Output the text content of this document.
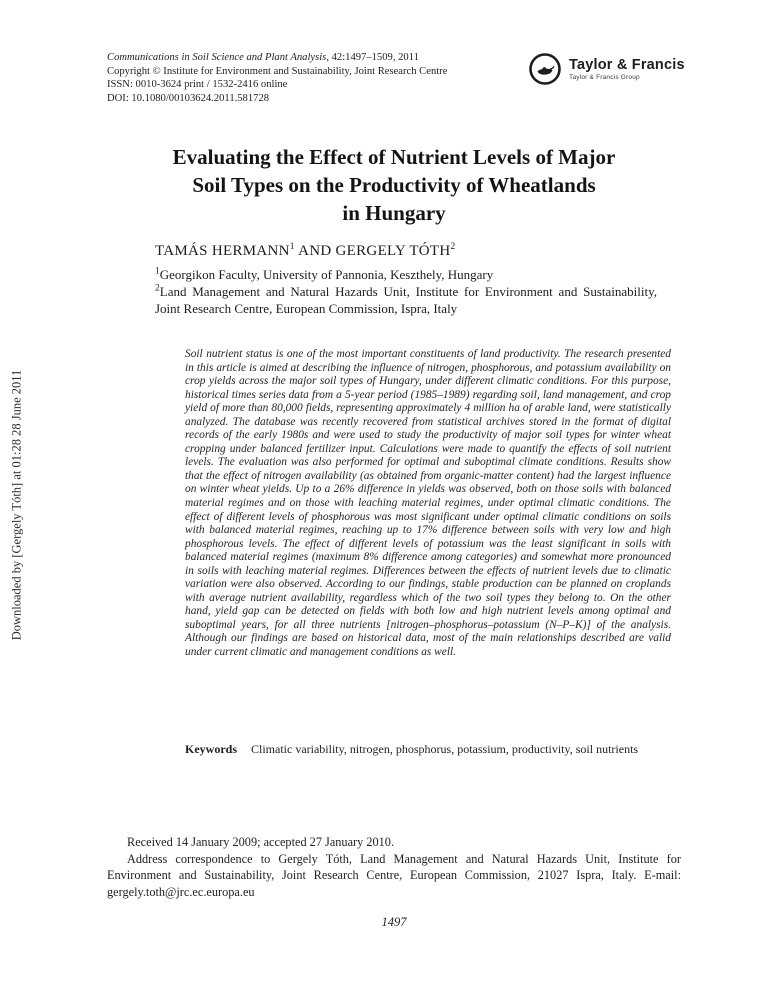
Downloaded by [Gergely Tóth] at 01:28 28 June 2011
Communications in Soil Science and Plant Analysis, 42:1497–1509, 2011
Copyright © Institute for Environment and Sustainability, Joint Research Centre
ISSN: 0010-3624 print / 1532-2416 online
DOI: 10.1080/00103624.2011.581728
Taylor & Francis
Taylor & Francis Group
Evaluating the Effect of Nutrient Levels of Major
Soil Types on the Productivity of Wheatlands
in Hungary
TAMÁS HERMANN$^1$ AND GERGELY TÓTH$^2$
$^1$Georgikon Faculty, University of Pannonia, Keszthely, Hungary
$^2$Land Management and Natural Hazards Unit, Institute for Environment and Sustainability, Joint Research Centre, European Commission, Ispra, Italy
Soil nutrient status is one of the most important constituents of land productivity. The research presented in this article is aimed at describing the influence of nitrogen, phosphorous, and potassium availability on crop yields across the major soil types of Hungary, under different climatic conditions. For this purpose, historical times series data from a 5-year period (1985–1989) regarding soil, land management, and crop yield of more than 80,000 fields, representing approximately 4 million ha of arable land, were statistically analyzed. The database was recently recovered from statistical archives stored in the format of digital records of the early 1980s and were used to study the productivity of major soil types for winter wheat cropping under balanced fertilizer input. Calculations were made to quantify the effects of soil nutrient levels. The evaluation was also performed for optimal and suboptimal climate conditions. Results show that the effect of nitrogen availability (as obtained from organic-matter content) had the largest influence on winter wheat yields. Up to a 26% difference in yields was observed, both on those soils with balanced material regimes and on those with leaching material regimes, under optimal climatic conditions. The effect of different levels of phosphorous was most significant under optimal climatic conditions on soils with balanced material regimes, reaching up to 17% difference between soils with very low and high phosphorous levels. The effect of different levels of potassium was the least significant in soils with balanced material regimes (maximum 8% difference among categories) and somewhat more pronounced in soils with leaching material regimes. Differences between the effects of nutrient levels due to climatic variation were also observed. According to our findings, stable production can be planned on croplands with average nutrient availability, regardless which of the two soil types they belong to. On the other hand, yield gap can be detected on fields with both low and high nutrient levels among optimal and suboptimal years, for all three nutrients [nitrogen–phosphorus–potassium (N–P–K)] of the analysis. Although our findings are based on historical data, most of the main relationships described are valid under current climatic and management conditions as well.
Keywords Climatic variability, nitrogen, phosphorus, potassium, productivity, soil nutrients

Received 14 January 2009; accepted 27 January 2010.

Address correspondence to Gergely Tóth, Land Management and Natural Hazards Unit, Institute for Environment and Sustainability, Joint Research Centre, European Commission, 21027 Ispra, Italy. E-mail: gergely.toth@jrc.ec.europa.eu

1497
